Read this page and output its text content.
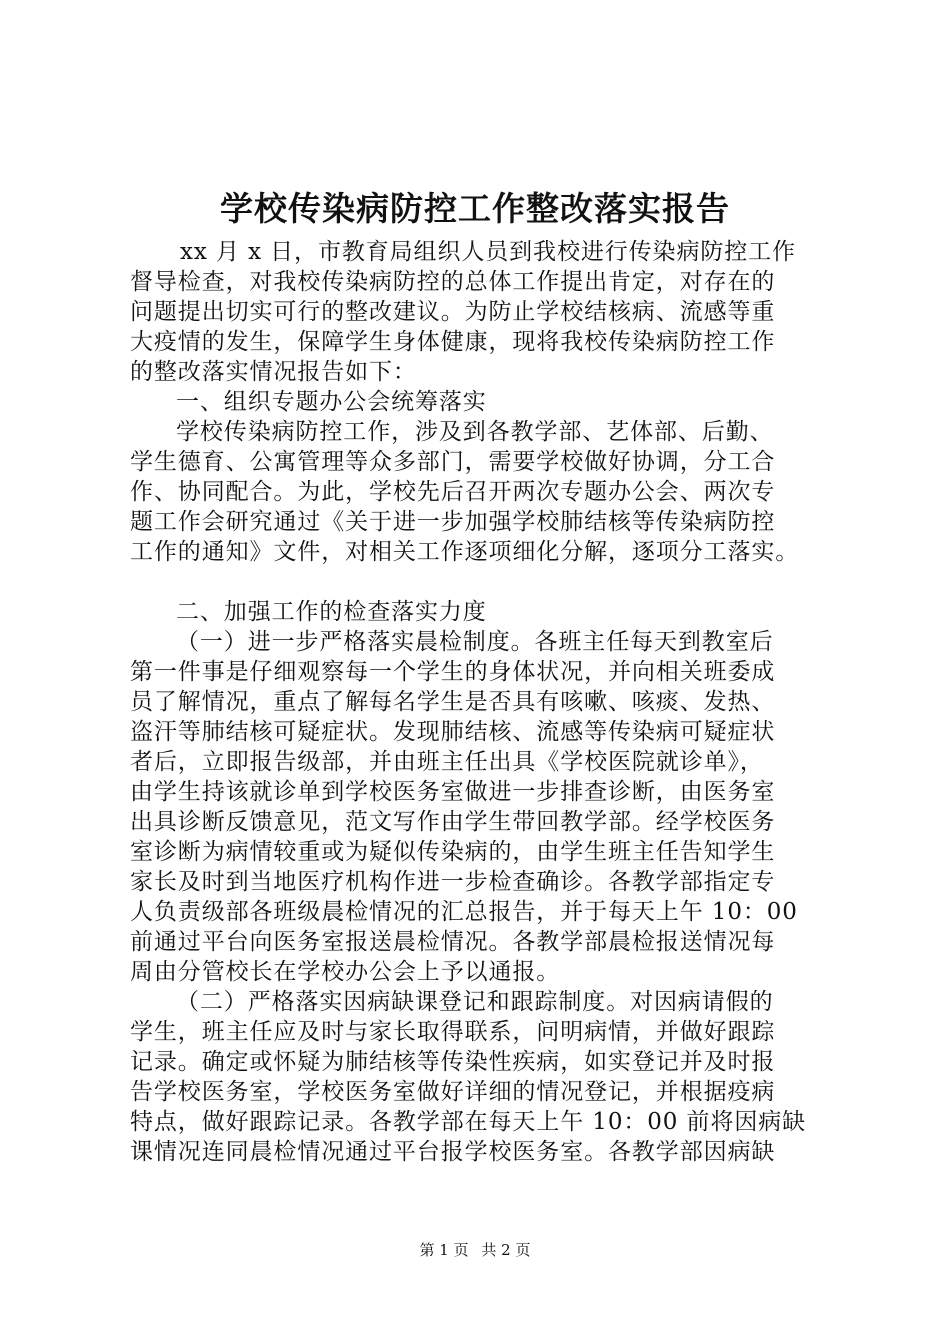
学校传染病防控工作整改落实报告
xx 月 x 日，市教育局组织人员到我校进行传染病防控工作
督导检查，对我校传染病防控的总体工作提出肯定，对存在的
问题提出切实可行的整改建议。为防止学校结核病、流感等重
大疫情的发生，保障学生身体健康，现将我校传染病防控工作
的整改落实情况报告如下：
一、组织专题办公会统筹落实
学校传染病防控工作，涉及到各教学部、艺体部、后勤、
学生德育、公寓管理等众多部门，需要学校做好协调，分工合
作、协同配合。为此，学校先后召开两次专题办公会、两次专
题工作会研究通过《关于进一步加强学校肺结核等传染病防控
工作的通知》文件，对相关工作逐项细化分解，逐项分工落实。
二、加强工作的检查落实力度
（一）进一步严格落实晨检制度。各班主任每天到教室后
第一件事是仔细观察每一个学生的身体状况，并向相关班委成
员了解情况，重点了解每名学生是否具有咳嗽、咳痰、发热、
盗汗等肺结核可疑症状。发现肺结核、流感等传染病可疑症状
者后，立即报告级部，并由班主任出具《学校医院就诊单》，
由学生持该就诊单到学校医务室做进一步排查诊断，由医务室
出具诊断反馈意见，范文写作由学生带回教学部。经学校医务
室诊断为病情较重或为疑似传染病的，由学生班主任告知学生
家长及时到当地医疗机构作进一步检查确诊。各教学部指定专
人负责级部各班级晨检情况的汇总报告，并于每天上午 10：00
前通过平台向医务室报送晨检情况。各教学部晨检报送情况每
周由分管校长在学校办公会上予以通报。
（二）严格落实因病缺课登记和跟踪制度。对因病请假的
学生，班主任应及时与家长取得联系，问明病情，并做好跟踪
记录。确定或怀疑为肺结核等传染性疾病，如实登记并及时报
告学校医务室，学校医务室做好详细的情况登记，并根据疫病
特点，做好跟踪记录。各教学部在每天上午 10：00 前将因病缺
课情况连同晨检情况通过平台报学校医务室。各教学部因病缺
第 1 页 共 2 页
